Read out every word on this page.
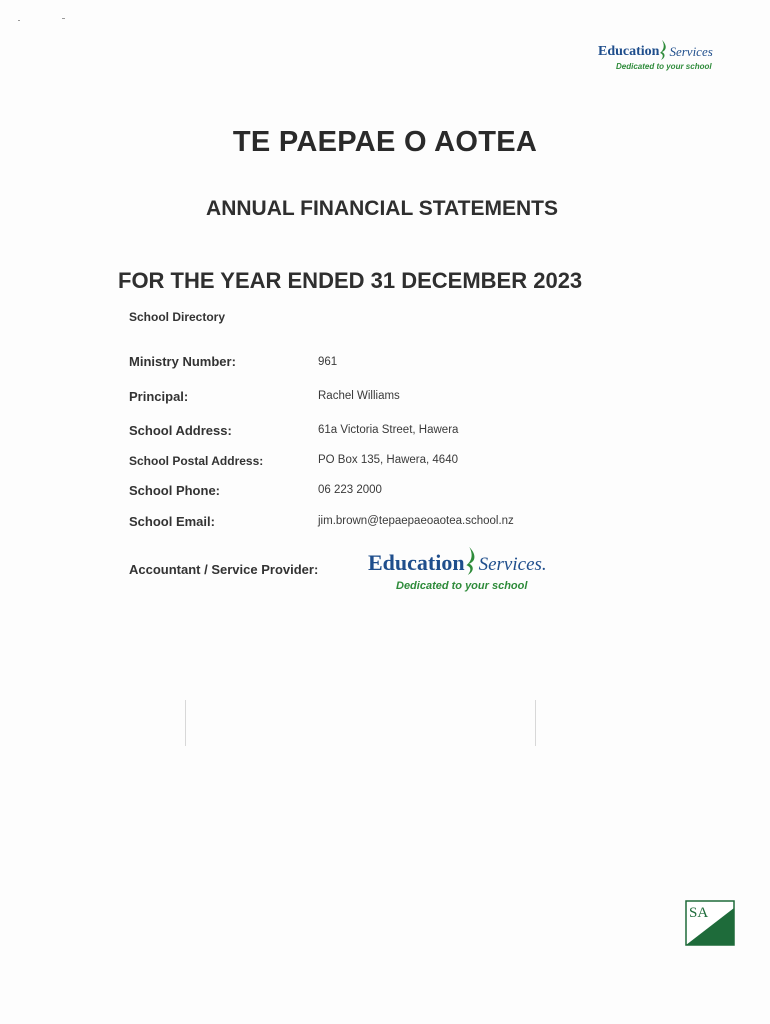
Education Services
Dedicated to your school
TE PAEPAE O AOTEA
ANNUAL FINANCIAL STATEMENTS
FOR THE YEAR ENDED 31 DECEMBER 2023
School Directory
Ministry Number:	961
Principal:	Rachel Williams
School Address:	61a Victoria Street, Hawera
School Postal Address:	PO Box 135, Hawera, 4640
School Phone:	06 223 2000
School Email:	jim.brown@tepaepaeoaotea.school.nz
Accountant / Service Provider: Education Services.
Dedicated to your school
SA
